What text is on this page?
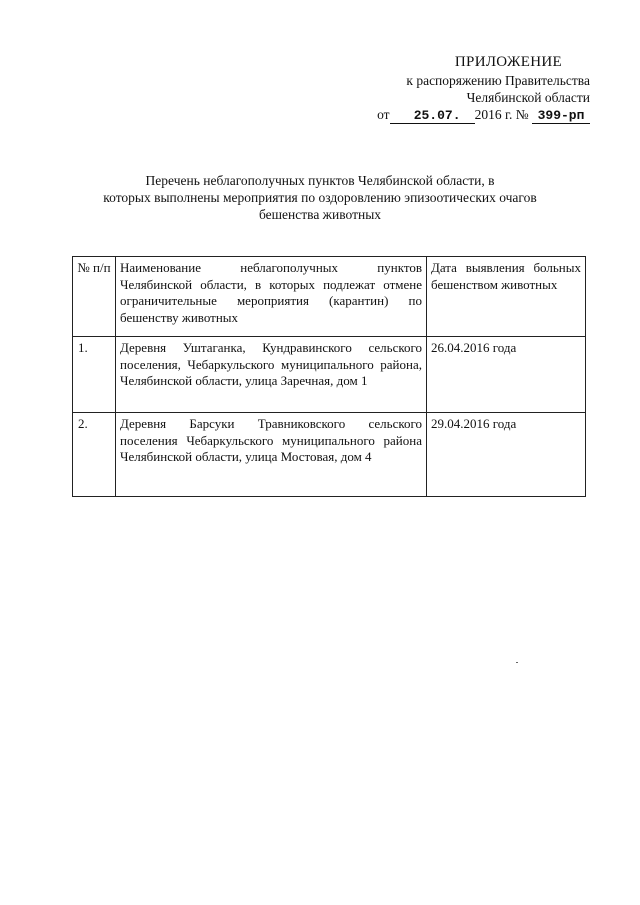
ПРИЛОЖЕНИЕ
к распоряжению Правительства
Челябинской области
от 25.07. 2016 г. № 399-рп
Перечень неблагополучных пунктов Челябинской области, в
которых выполнены мероприятия по оздоровлению эпизоотических очагов
бешенства животных
№ п/п	Наименование неблагополучных пунктов Челябинской области, в которых подлежат отмене ограничительные мероприятия (карантин) по бешенству животных	Дата выявления больных бешенством животных
1.	Деревня Уштаганка, Кундравинского сельского поселения, Чебаркульского муниципального района, Челябинской области, улица Заречная, дом 1	26.04.2016 года
2.	Деревня Барсуки Травниковского сельского поселения Чебаркульского муниципального района Челябинской области, улица Мостовая, дом 4	29.04.2016 года
